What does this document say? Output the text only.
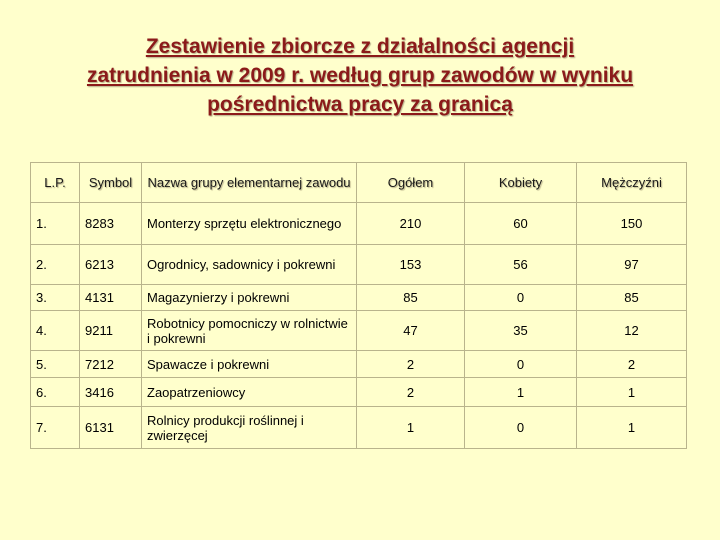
Zestawienie zbiorcze z działalności agencji
zatrudnienia w 2009 r. według grup zawodów w wyniku
pośrednictwa pracy za granicą
L.P.	Symbol	Nazwa grupy elementarnej zawodu	Ogółem	Kobiety	Mężczyźni
1.	8283	Monterzy sprzętu elektronicznego	210	60	150
2.	6213	Ogrodnicy, sadownicy i pokrewni	153	56	97
3.	4131	Magazynierzy i pokrewni	85	0	85
4.	9211	Robotnicy pomocniczy w rolnictwie i pokrewni	47	35	12
5.	7212	Spawacze i pokrewni	2	0	2
6.	3416	Zaopatrzeniowcy	2	1	1
7.	6131	Rolnicy produkcji roślinnej i zwierzęcej	1	0	1
